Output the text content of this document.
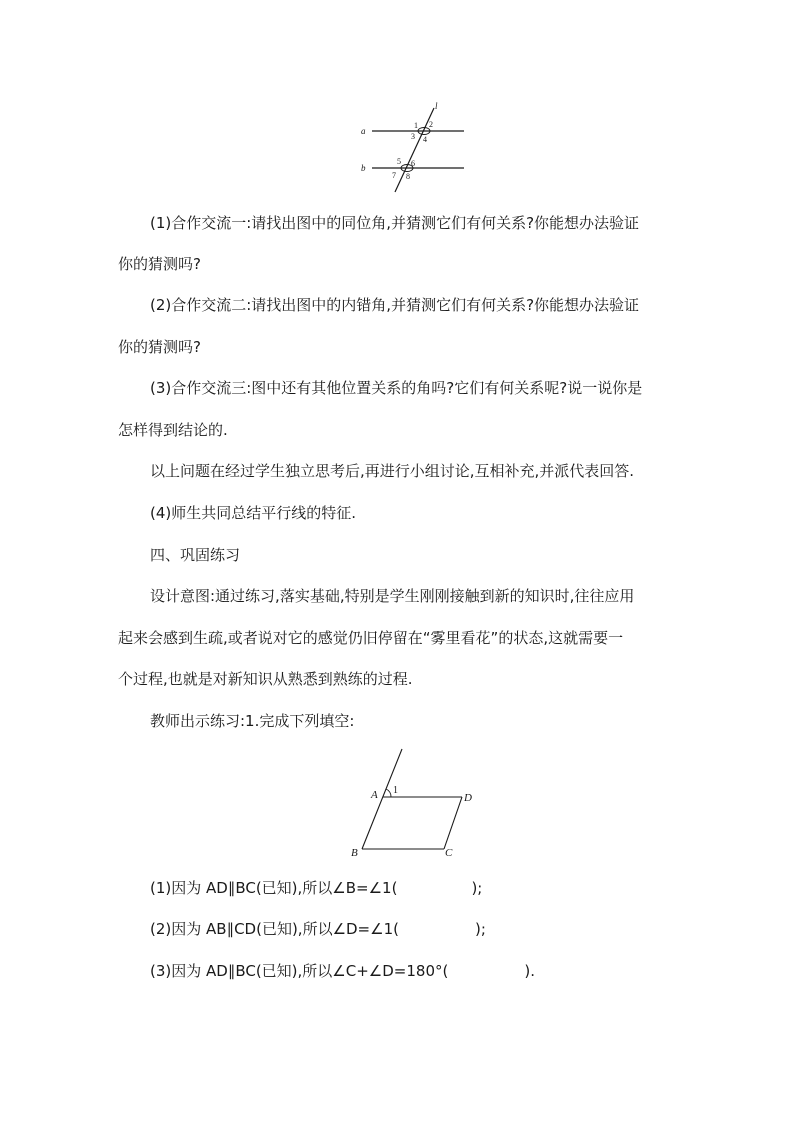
l
a
b
1 2
3 4
5 6
7 8
(1)合作交流一:请找出图中的同位角,并猜测它们有何关系?你能想办法验证
你的猜测吗?
(2)合作交流二:请找出图中的内错角,并猜测它们有何关系?你能想办法验证
你的猜测吗?
(3)合作交流三:图中还有其他位置关系的角吗?它们有何关系呢?说一说你是
怎样得到结论的.
以上问题在经过学生独立思考后,再进行小组讨论,互相补充,并派代表回答.
(4)师生共同总结平行线的特征.
四、巩固练习
设计意图:通过练习,落实基础,特别是学生刚刚接触到新的知识时,往往应用
起来会感到生疏,或者说对它的感觉仍旧停留在“雾里看花”的状态,这就需要一
个过程,也就是对新知识从熟悉到熟练的过程.
教师出示练习:1.完成下列填空:
A 1
D
B	C
(1)因为 AD∥BC(已知),所以∠B=∠1(	);
(2)因为 AB∥CD(已知),所以∠D=∠1(	);
(3)因为 AD∥BC(已知),所以∠C+∠D=180°(	).
